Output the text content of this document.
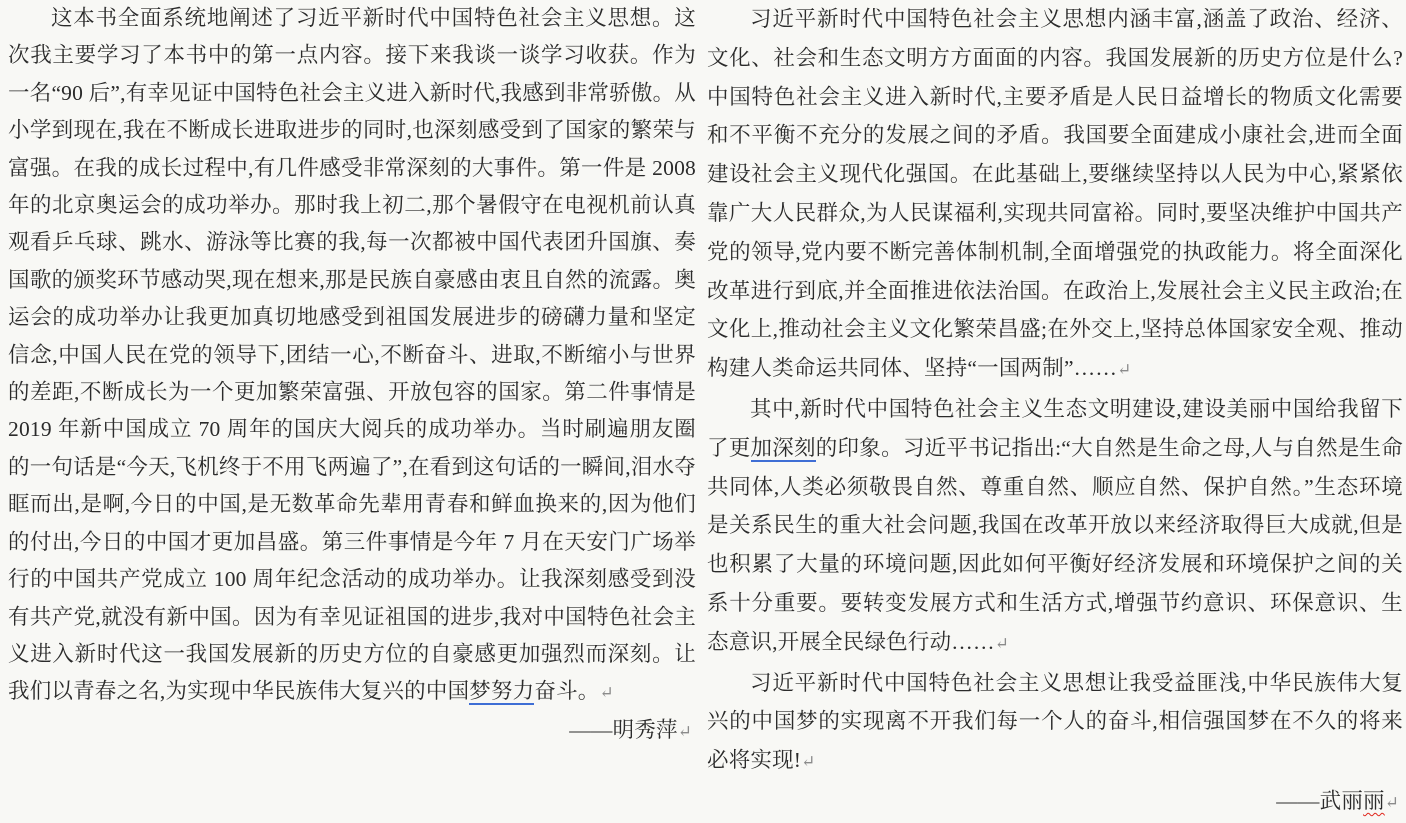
这本书全面系统地阐述了习近平新时代中国特色社会主义思想。这次我主要学习了本书中的第一点内容。接下来我谈一谈学习收获。作为一名“90 后”,有幸见证中国特色社会主义进入新时代,我感到非常骄傲。从小学到现在,我在不断成长进取进步的同时,也深刻感受到了国家的繁荣与富强。在我的成长过程中,有几件感受非常深刻的大事件。第一件是 2008 年的北京奥运会的成功举办。那时我上初二,那个暑假守在电视机前认真观看乒乓球、跳水、游泳等比赛的我,每一次都被中国代表团升国旗、奏国歌的颁奖环节感动哭,现在想来,那是民族自豪感由衷且自然的流露。奥运会的成功举办让我更加真切地感受到祖国发展进步的磅礴力量和坚定信念,中国人民在党的领导下,团结一心,不断奋斗、进取,不断缩小与世界的差距,不断成长为一个更加繁荣富强、开放包容的国家。第二件事情是 2019 年新中国成立 70 周年的国庆大阅兵的成功举办。当时刷遍朋友圈的一句话是“今天,飞机终于不用飞两遍了”,在看到这句话的一瞬间,泪水夺眶而出,是啊,今日的中国,是无数革命先辈用青春和鲜血换来的,因为他们的付出,今日的中国才更加昌盛。第三件事情是今年 7 月在天安门广场举行的中国共产党成立 100 周年纪念活动的成功举办。让我深刻感受到没有共产党,就没有新中国。因为有幸见证祖国的进步,我对中国特色社会主义进入新时代这一我国发展新的历史方位的自豪感更加强烈而深刻。让我们以青春之名,为实现中华民族伟大复兴的中国梦努力奋斗。↵

——明秀萍↵

习近平新时代中国特色社会主义思想内涵丰富,涵盖了政治、经济、文化、社会和生态文明方方面面的内容。我国发展新的历史方位是什么?中国特色社会主义进入新时代,主要矛盾是人民日益增长的物质文化需要和不平衡不充分的发展之间的矛盾。我国要全面建成小康社会,进而全面建设社会主义现代化强国。在此基础上,要继续坚持以人民为中心,紧紧依靠广大人民群众,为人民谋福利,实现共同富裕。同时,要坚决维护中国共产党的领导,党内要不断完善体制机制,全面增强党的执政能力。将全面深化改革进行到底,并全面推进依法治国。在政治上,发展社会主义民主政治;在文化上,推动社会主义文化繁荣昌盛;在外交上,坚持总体国家安全观、推动构建人类命运共同体、坚持“一国两制”……↵

其中,新时代中国特色社会主义生态文明建设,建设美丽中国给我留下了更加深刻的印象。习近平书记指出:“大自然是生命之母,人与自然是生命共同体,人类必须敬畏自然、尊重自然、顺应自然、保护自然。”生态环境是关系民生的重大社会问题,我国在改革开放以来经济取得巨大成就,但是也积累了大量的环境问题,因此如何平衡好经济发展和环境保护之间的关系十分重要。要转变发展方式和生活方式,增强节约意识、环保意识、生态意识,开展全民绿色行动……↵

习近平新时代中国特色社会主义思想让我受益匪浅,中华民族伟大复兴的中国梦的实现离不开我们每一个人的奋斗,相信强国梦在不久的将来必将实现!↵

——武丽丽↵
